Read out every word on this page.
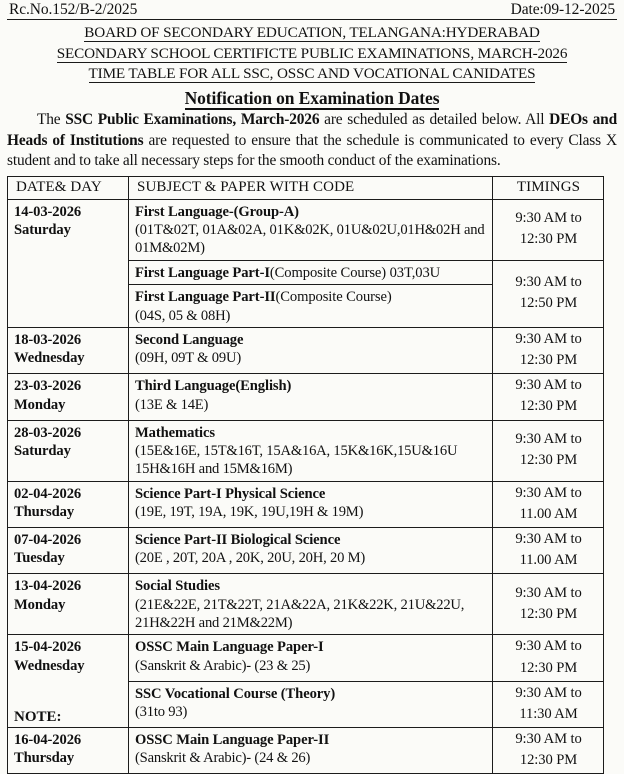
Rc.No.152/B-2/2025	Date:09-12-2025
BOARD OF SECONDARY EDUCATION, TELANGANA:HYDERABAD
SECONDARY SCHOOL CERTIFICTE PUBLIC EXAMINATIONS, MARCH-2026
TIME TABLE FOR ALL SSC, OSSC AND VOCATIONAL CANIDATES
Notification on Examination Dates

The SSC Public Examinations, March-2026 are scheduled as detailed below. All DEOs and Heads of Institutions are requested to ensure that the schedule is communicated to every Class X student and to take all necessary steps for the smooth conduct of the examinations.

DATE& DAY	SUBJECT & PAPER WITH CODE	TIMINGS

14-03-2026
Saturday	First Language-(Group-A)
(01T&02T, 01A&02A, 01K&02K, 01U&02U,01H&02H and 01M&02M)	9:30 AM to
12:30 PM

	First Language Part-I(Composite Course) 03T,03U	9:30 AM to
12:50 PM

	First Language Part-II(Composite Course)
(04S, 05 & 08H)	

18-03-2026
Wednesday	Second Language
(09H, 09T & 09U)	9:30 AM to
12:30 PM

23-03-2026
Monday	Third Language(English)
(13E & 14E)	9:30 AM to
12:30 PM

28-03-2026
Saturday	Mathematics
(15E&16E, 15T&16T, 15A&16A, 15K&16K,15U&16U 15H&16H and 15M&16M)	9:30 AM to
12:30 PM

02-04-2026
Thursday	Science Part-I Physical Science
(19E, 19T, 19A, 19K, 19U,19H & 19M)	9:30 AM to
11.00 AM

07-04-2026
Tuesday	Science Part-II Biological Science
(20E , 20T, 20A , 20K, 20U, 20H, 20 M)	9:30 AM to
11.00 AM

13-04-2026
Monday	Social Studies
(21E&22E, 21T&22T, 21A&22A, 21K&22K, 21U&22U, 21H&22H and 21M&22M)	9:30 AM to
12:30 PM

15-04-2026
Wednesday	OSSC Main Language Paper-I
(Sanskrit & Arabic)- (23 & 25)	9:30 AM to
12:30 PM

	SSC Vocational Course (Theory)
(31to 93)	9:30 AM to
11:30 AM

16-04-2026
Thursday	OSSC Main Language Paper-II
(Sanskrit & Arabic)- (24 & 26)	9:30 AM to
12:30 PM
NOTE:
